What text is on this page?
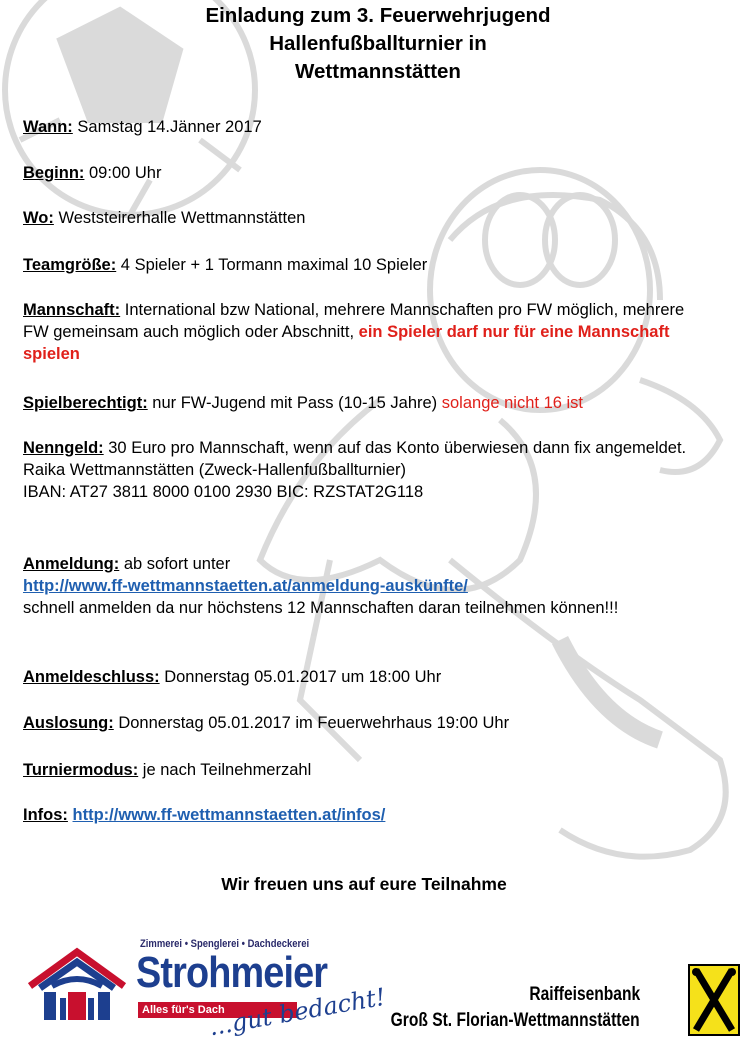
Einladung zum 3. Feuerwehrjugend
Hallenfußballturnier in
Wettmannstätten
Wann: Samstag 14.Jänner 2017
Beginn: 09:00 Uhr
Wo: Weststeirerhalle Wettmannstätten
Teamgröße: 4 Spieler + 1 Tormann maximal 10 Spieler
Mannschaft: International bzw National, mehrere Mannschaften pro FW möglich, mehrere FW gemeinsam auch möglich oder Abschnitt, ein Spieler darf nur für eine Mannschaft spielen
Spielberechtigt: nur FW-Jugend mit Pass (10-15 Jahre) solange nicht 16 ist
Nenngeld: 30 Euro pro Mannschaft, wenn auf das Konto überwiesen dann fix angemeldet.
Raika Wettmannstätten (Zweck-Hallenfußballturnier)
IBAN: AT27 3811 8000 0100 2930 BIC: RZSTAT2G118
Anmeldung: ab sofort unter
http://www.ff-wettmannstaetten.at/anmeldung-auskünfte/
schnell anmelden da nur höchstens 12 Mannschaften daran teilnehmen können!!!
Anmeldeschluss: Donnerstag 05.01.2017 um 18:00 Uhr
Auslosung: Donnerstag 05.01.2017 im Feuerwehrhaus 19:00 Uhr
Turniermodus: je nach Teilnehmerzahl
Infos: http://www.ff-wettmannstaetten.at/infos/
Wir freuen uns auf eure Teilnahme
Zimmerei • Spenglerei • Dachdeckerei
Strohmeier
Alles für's Dach
...gut bedacht!	Raiffeisenbank
Groß St. Florian-Wettmannstätten
